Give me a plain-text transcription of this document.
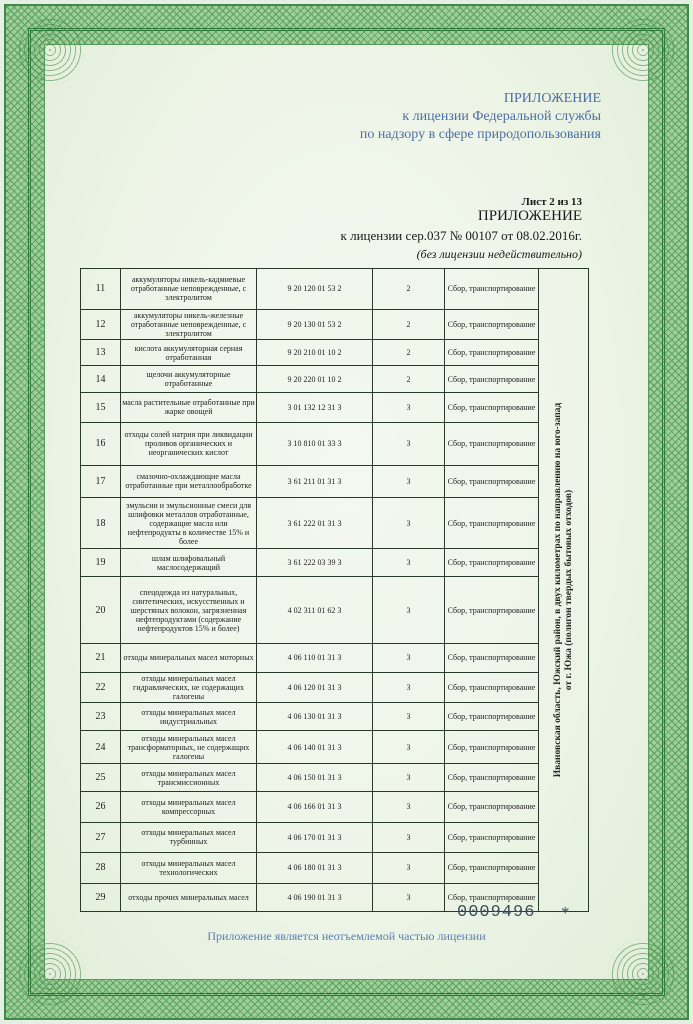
ПРИЛОЖЕНИЕ
к лицензии Федеральной службы
по надзору в сфере природопользования
Лист 2 из 13
ПРИЛОЖЕНИЕ
к лицензии сер.037 № 00107 от 08.02.2016г.
(без лицензии недействительно)
11	аккумуляторы никель-кадмиевые отработанные неповрежденные, с электролитом	9 20 120 01 53 2	2	Сбор, транспортирование	Ивановская область, Южский район, в двух километрах по направлению на юго-запад от г. Южа (полигон твердых бытовых отходов)

12	аккумуляторы никель-железные отработанные неповрежденные, с электролитом	9 20 130 01 53 2	2	Сбор, транспортирование	
13	кислота аккумуляторная серная отработанная	9 20 210 01 10 2	2	Сбор, транспортирование	
14	щелочи аккумуляторные отработанные	9 20 220 01 10 2	2	Сбор, транспортирование	
15	масла растительные отработанные при жарке овощей	3 01 132 12 31 3	3	Сбор, транспортирование	
16	отходы солей натрия при ликвидации проливов органических и неорганических кислот	3 10 810 01 33 3	3	Сбор, транспортирование	
17	смазочно-охлаждающие масла отработанные при металлообработке	3 61 211 01 31 3	3	Сбор, транспортирование	
18	эмульсии и эмульсионные смеси для шлифовки металлов отработанные, содержащие масла или нефтепродукты в количестве 15% и более	3 61 222 01 31 3	3	Сбор, транспортирование	
19	шлам шлифовальный маслосодержащий	3 61 222 03 39 3	3	Сбор, транспортирование	
20	спецодежда из натуральных, синтетических, искусственных и шерстяных волокон, загрязненная нефтепродуктами (содержание нефтепродуктов 15% и более)	4 02 311 01 62 3	3	Сбор, транспортирование	
21	отходы минеральных масел моторных	4 06 110 01 31 3	3	Сбор, транспортирование	
22	отходы минеральных масел гидравлических, не содержащих галогены	4 06 120 01 31 3	3	Сбор, транспортирование	
23	отходы минеральных масел индустриальных	4 06 130 01 31 3	3	Сбор, транспортирование	
24	отходы минеральных масел трансформаторных, не содержащих галогены	4 06 140 01 31 3	3	Сбор, транспортирование	
25	отходы минеральных масел трансмиссионных	4 06 150 01 31 3	3	Сбор, транспортирование	
26	отходы минеральных масел компрессорных	4 06 166 01 31 3	3	Сбор, транспортирование	
27	отходы минеральных масел турбинных	4 06 170 01 31 3	3	Сбор, транспортирование	
28	отходы минеральных масел технологических	4 06 180 01 31 3	3	Сбор, транспортирование	
29	отходы прочих минеральных масел	4 06 190 01 31 3	3	Сбор, транспортирование	
0009496 *
Приложение является неотъемлемой частью лицензии
